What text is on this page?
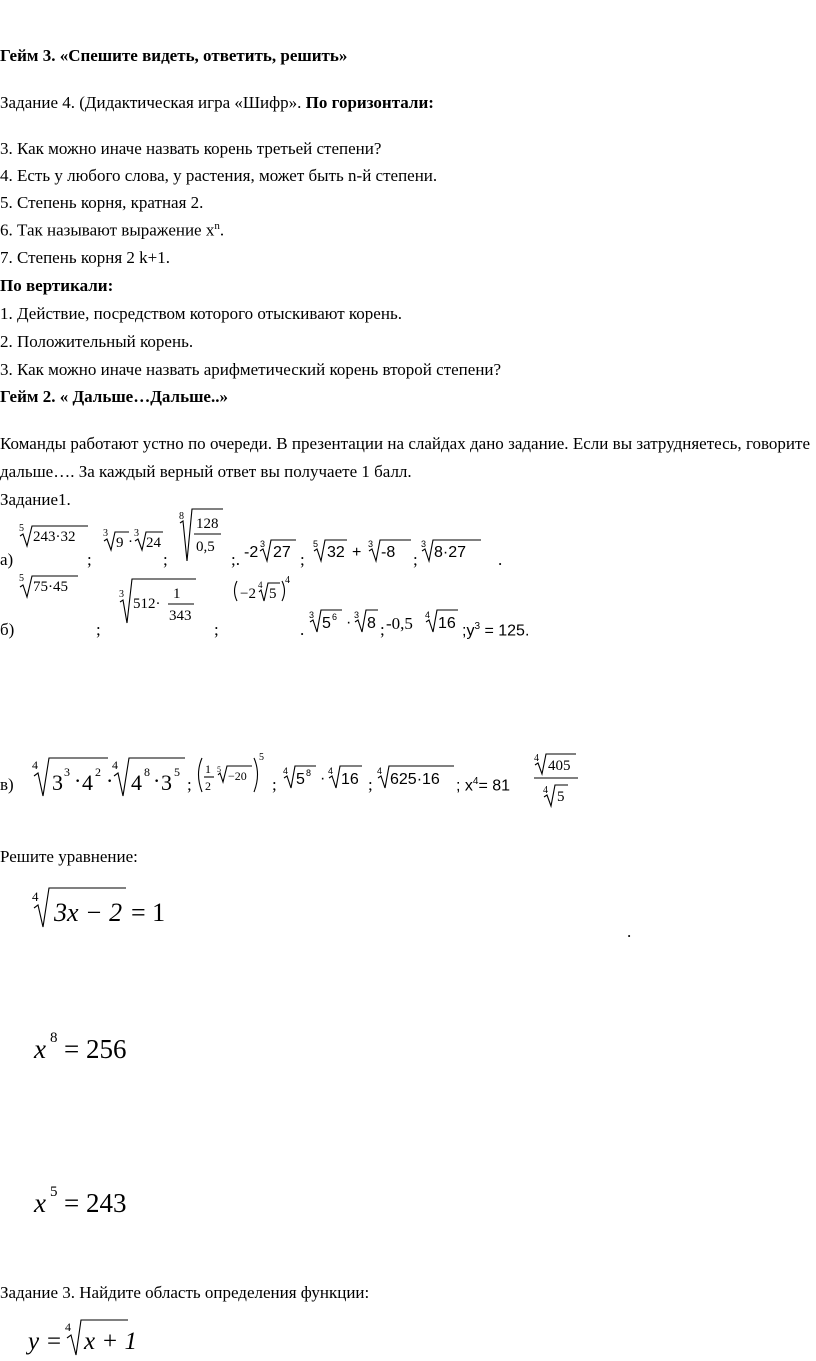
Гейм 3. «Спешите видеть, ответить, решить»
Задание 4. (Дидактическая игра «Шифр». По горизонтали:
3. Как можно иначе назвать корень третьей степени?
4. Есть у любого слова, у растения, может быть n-й степени.
5. Степень корня, кратная 2.
6. Так называют выражение $x^n$.
7. Степень корня 2 k+1.
По вертикали:
1. Действие, посредством которого отыскивают корень.
2. Положительный корень.
3. Как можно иначе назвать арифметический корень второй степени?
Гейм 2. « Дальше…Дальше..»
Команды работают устно по очереди. В презентации на слайдах дано задание. Если вы затрудняетесь, говорите дальше…. За каждый верный ответ вы получаете 1 балл.
Задание1.
а)
5
243·32
5
75·45
;
3
9 ·
3
24
;
8 128
0,5
;. -2 3 27 ;
5 32 + 3 -8 ;
3 8·27 .
б)	;
3
512·
1
343
;
−2
4
5
4
.
3 5 6 · 3 8 ; -0,5 4 16 $;y^3 = 125$.
в)
4
3 3 · 4 2 ·
4
4 8 · 3 5
;
1
2
5 −20
5
;
4 5 8 · 4 16 ;
4 625·16 ; $x^4= 81$
4 405
4 5
Решите уравнение:
4
3x − 2 = 1
.
x 8 = 256
x 5 = 243
Задание 3. Найдите область определения функции:
y =
4
x + 1
